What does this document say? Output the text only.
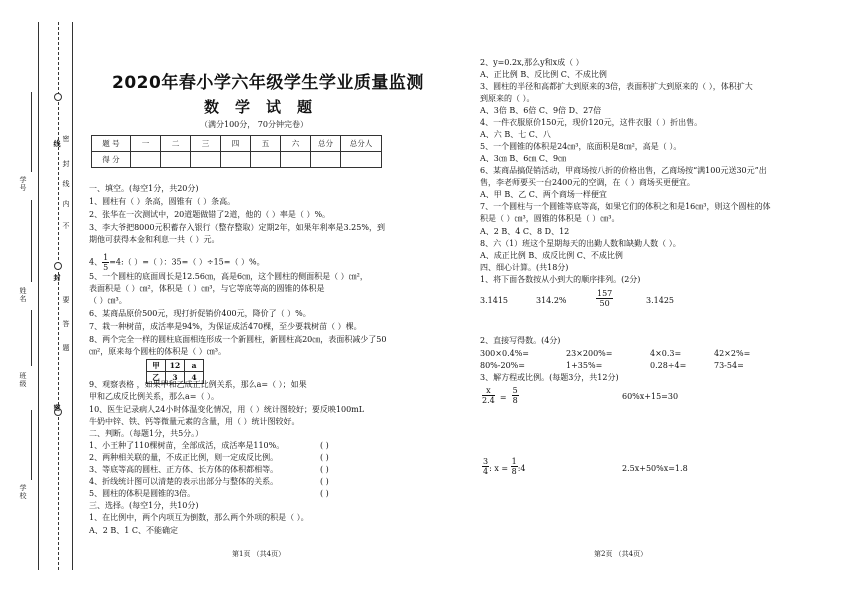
学号
姓名
班级
学校
密
封
线
内
不
要
答
题
线
封
密
2020年春小学六年级学生学业质量监测
数学试题
（满分100分， 70分钟完卷）
题 号	一	二	三	四	五	六	总分	总分人
得 分								
一、填空。(每空1分，共20分)
1、圆柱有（ ）条高，圆锥有（ ）条高。
2、张华在一次测试中，20道题做错了2道，他的（ ）率是（ ）%。
3、李大爷把8000元积蓄存入银行（整存整取）定期2年，如果年利率是3.25%，到
期他可获得本金和利息一共（ ）元。
4、 $\frac{1}{5}$ =4:（ ）=（ ）：35=（ ）÷15=（ ）%。
5、一个圆柱的底面周长是12.56㎝，高是6㎝，这个圆柱的侧面积是（ ）㎝²，
表面积是（ ）㎝²，体积是（ ）㎝³，与它等底等高的圆锥的体积是
（ ）㎝³。
6、某商品原价500元，现打折促销价400元，降价了（ ）%。
7、栽一种树苗，成活率是94%，为保证成活470棵，至少要栽树苗（ ）棵。
8、两个完全一样的圆柱底面相连形成一个新圆柱，新圆柱高20㎝，表面积减少了50
㎝²，原来每个圆柱的体积是（ ）㎝³。
甲	12	a
乙	3	4
9、观察表格 ，如果甲和乙成正比例关系，那么a=（ ）；如果
甲和乙成反比例关系，那么a=（ ）。
10、医生记录病人24小时体温变化情况，用（ ）统计图较好；要反映100mL
牛奶中锌、铁、钙等微量元素的含量，用（ ）统计图较好。
二、判断。（每题1分，共5分。）
1、小王种了110棵树苗，全部成活，成活率是110%。	( )
2、两种相关联的量，不成正比例，则一定成反比例。	( )
3、等底等高的圆柱、正方体、长方体的体积都相等。	( )
4、折线统计图可以清楚的表示出部分与整体的关系。	( )
5、圆柱的体积是圆锥的3倍。	( )
三、选择。(每空1分，共10分)
1、在比例中，两个内项互为倒数，那么两个外项的积是（ ）。
A、2 B、1 C、不能确定
第1页 （共4页）
2、y=0.2x,那么y和x成（ ）
A、正比例 B、反比例 C、不成比例
3、圆柱的半径和高都扩大到原来的3倍，表面积扩大到原来的（ ），体积扩大
到原来的（ ）。
A、3倍 B、6倍 C、9倍 D、27倍
4、一件衣服原价150元，现价120元，这件衣服（ ）折出售。
A、六 B、七 C、八
5、一个圆锥的体积是24㎝³，底面积是8㎝²，高是（ ）。
A、3㎝ B、6㎝ C、9㎝
6、某商品搞促销活动，甲商场按八折的价格出售，乙商场按“满100元送30元”出
售，李老师要买一台2400元的空调，在（ ）商场买更便宜。
A、甲 B、乙 C、两个商场一样便宜
7、一个圆柱与一个圆锥等底等高，如果它们的体积之和是16㎝³，则这个圆柱的体
积是（ ）㎝³，圆锥的体积是（ ）㎝³。
A、2 B、4 C、8 D、12
8、六（1）班这个星期每天的出勤人数和缺勤人数（ ）。
A、成正比例 B、成反比例 C、不成比例
四、细心计算。(共18分)
1、将下面各数按从小到大的顺序排列。(2分)
3.1415	314.2%	$\frac{157}{50}$	3.1425
2、直接写得数。(4分)
300×0.4%=	23×200%=	4×0.3=	42×2%=
80%-20%=	1+35%=	0.28÷4=	73-54=
3、解方程或比例。(每题3分，共12分)
$\frac{x}{2.4} = \frac{5}{8}$	60%x+15=30
$\frac{3}{4}$ : $x = \frac{1}{8}$ :4	2.5x+50%x=1.8
第2页 （共4页）
